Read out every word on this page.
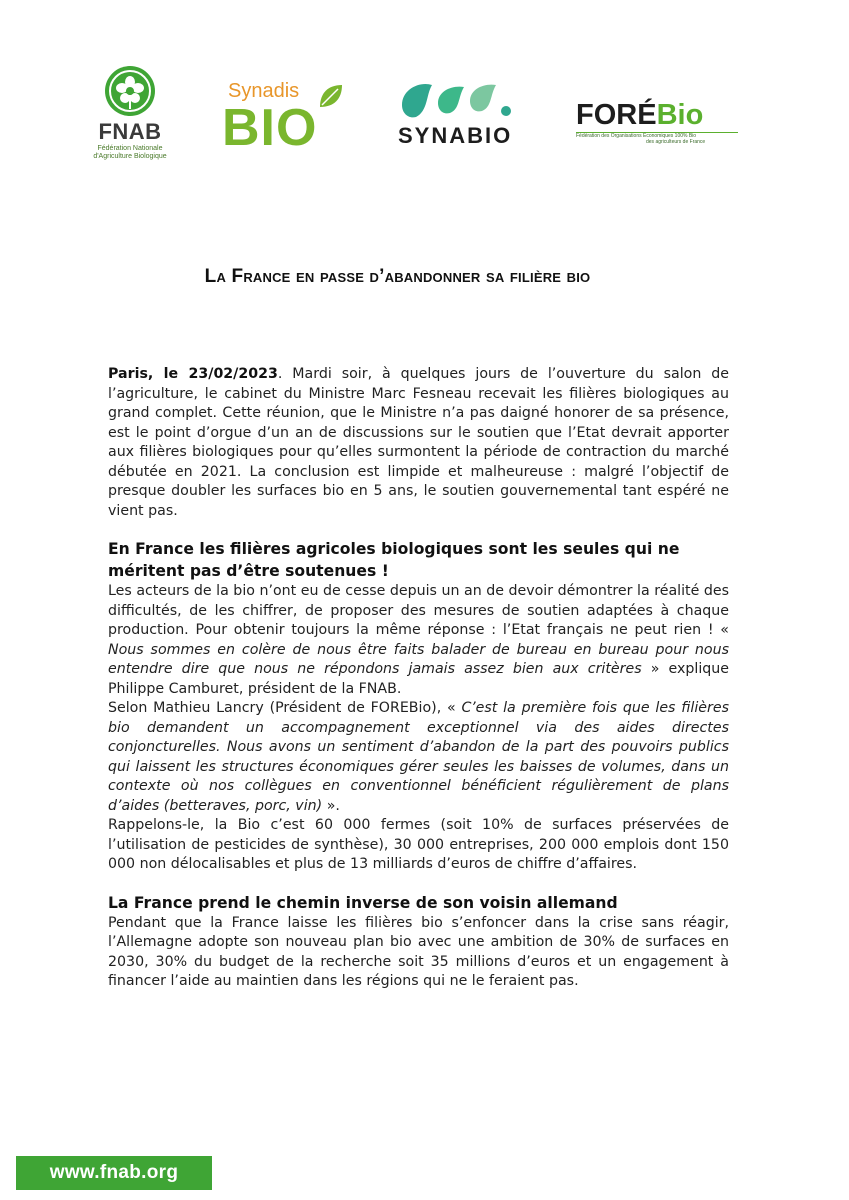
FNAB
Fédération Nationale
d'Agriculture Biologique
Synadis
BIO	SYNABIO
FORÉBio
Fédération des Organisations Économiques 100% Bio
des agriculteurs de France
La France en passe d’abandonner sa filière bio

Paris, le 23/02/2023. Mardi soir, à quelques jours de l’ouverture du salon de l’agriculture, le cabinet du Ministre Marc Fesneau recevait les filières biologiques au grand complet. Cette réunion, que le Ministre n’a pas daigné honorer de sa présence, est le point d’orgue d’un an de discussions sur le soutien que l’Etat devrait apporter aux filières biologiques pour qu’elles surmontent la période de contraction du marché débutée en 2021. La conclusion est limpide et malheureuse : malgré l’objectif de presque doubler les surfaces bio en 5 ans, le soutien gouvernemental tant espéré ne vient pas.

En France les filières agricoles biologiques sont les seules qui ne méritent pas d’être soutenues !

Les acteurs de la bio n’ont eu de cesse depuis un an de devoir démontrer la réalité des difficultés, de les chiffrer, de proposer des mesures de soutien adaptées à chaque production. Pour obtenir toujours la même réponse : l’Etat français ne peut rien ! « Nous sommes en colère de nous être faits balader de bureau en bureau pour nous entendre dire que nous ne répondons jamais assez bien aux critères » explique Philippe Camburet, président de la FNAB.

Selon Mathieu Lancry (Président de FOREBio), « C’est la première fois que les filières bio demandent un accompagnement exceptionnel via des aides directes conjoncturelles. Nous avons un sentiment d’abandon de la part des pouvoirs publics qui laissent les structures économiques gérer seules les baisses de volumes, dans un contexte où nos collègues en conventionnel bénéficient régulièrement de plans d’aides (betteraves, porc, vin) ».

Rappelons-le, la Bio c’est 60 000 fermes (soit 10% de surfaces préservées de l’utilisation de pesticides de synthèse), 30 000 entreprises, 200 000 emplois dont 150 000 non délocalisables et plus de 13 milliards d’euros de chiffre d’affaires.

La France prend le chemin inverse de son voisin allemand

Pendant que la France laisse les filières bio s’enfoncer dans la crise sans réagir, l’Allemagne adopte son nouveau plan bio avec une ambition de 30% de surfaces en 2030, 30% du budget de la recherche soit 35 millions d’euros et un engagement à financer l’aide au maintien dans les régions qui ne le feraient pas.

www.fnab.org
